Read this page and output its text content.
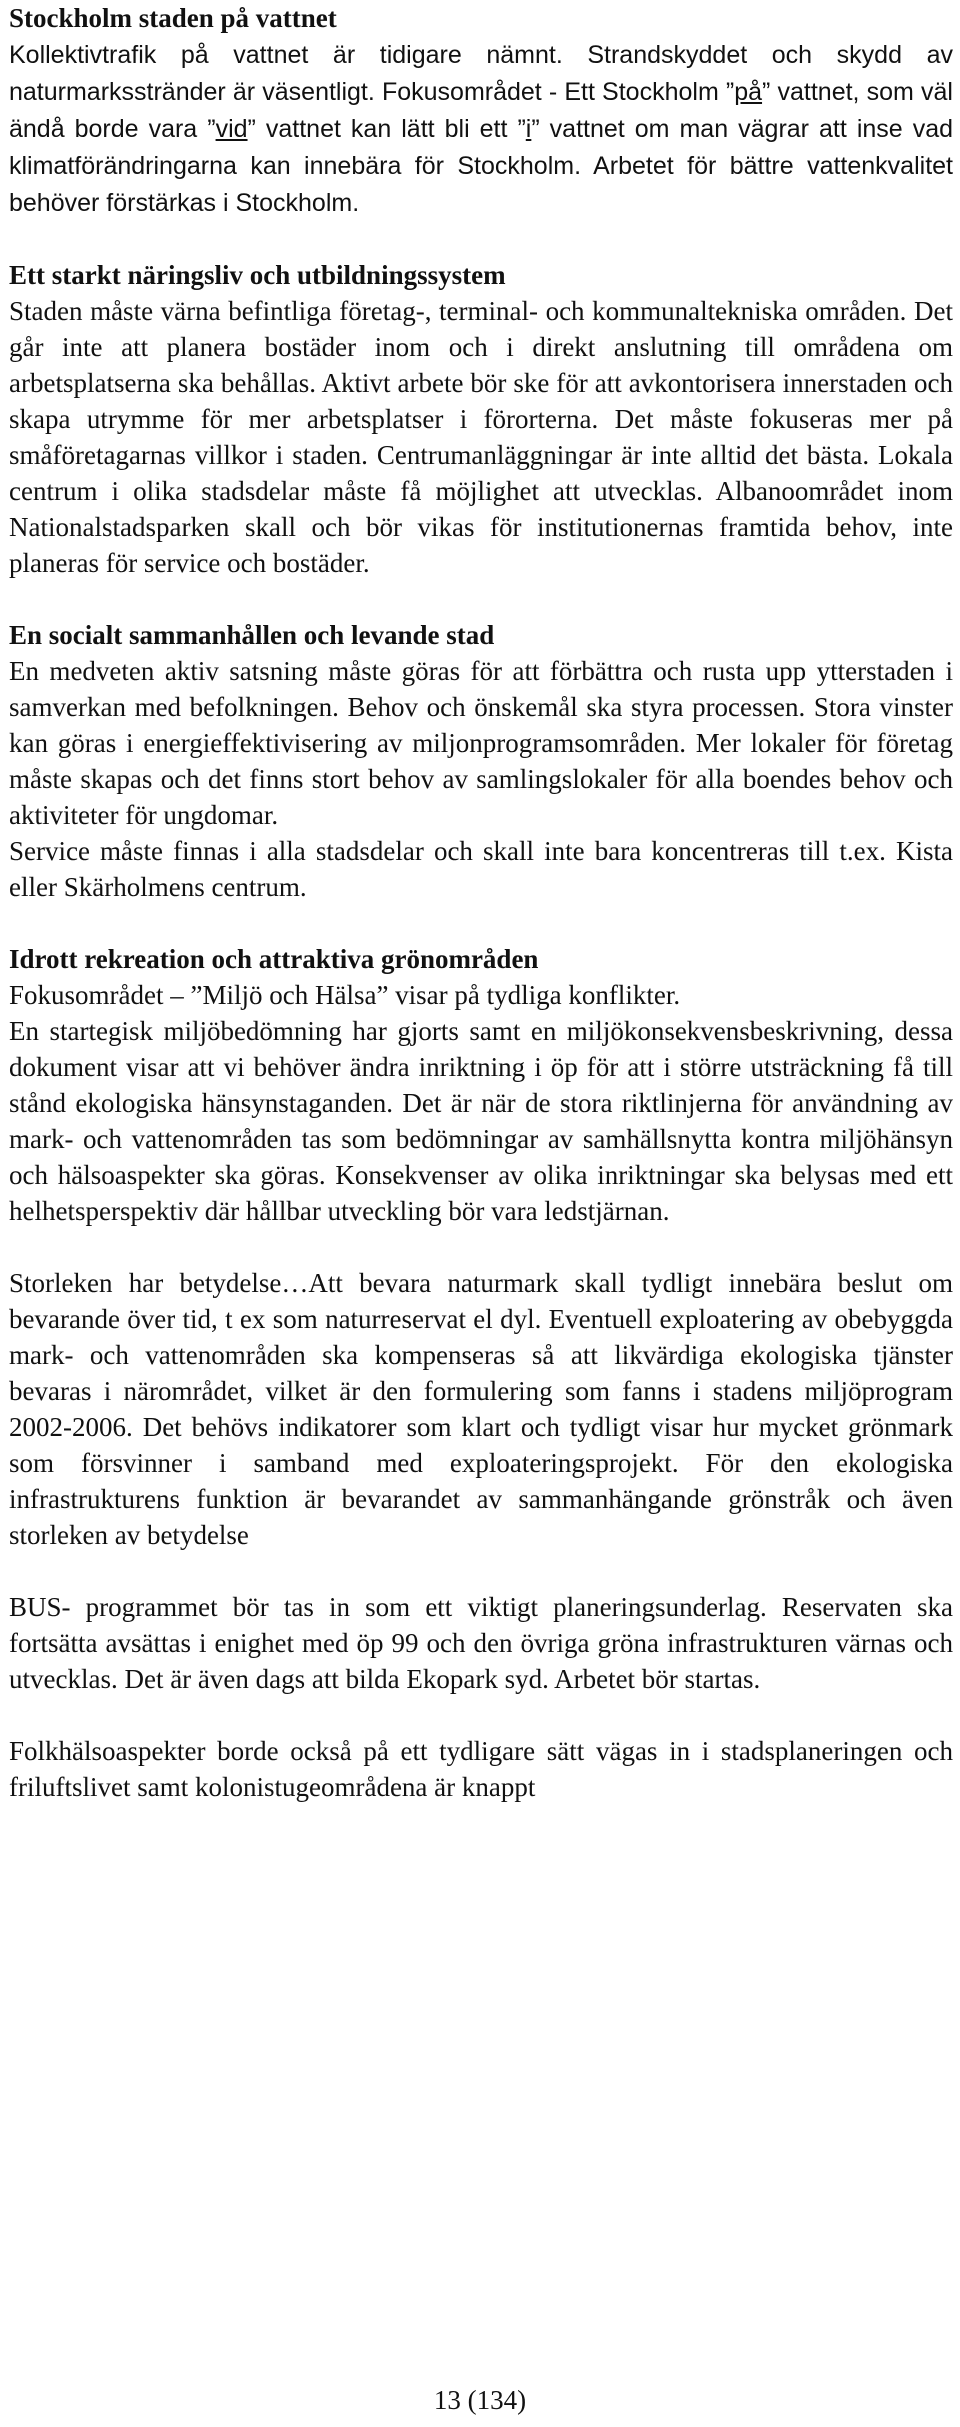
Stockholm staden på vattnet

Kollektivtrafik på vattnet är tidigare nämnt. Strandskyddet och skydd av naturmarksstränder är väsentligt. Fokusområdet - Ett Stockholm ”på” vattnet, som väl ändå borde vara ”vid” vattnet kan lätt bli ett ”i” vattnet om man vägrar att inse vad klimatförändringarna kan innebära för Stockholm. Arbetet för bättre vattenkvalitet behöver förstärkas i Stockholm.

Ett starkt näringsliv och utbildningssystem

Staden måste värna befintliga företag-, terminal- och kommunaltekniska områden. Det går inte att planera bostäder inom och i direkt anslutning till områdena om arbetsplatserna ska behållas. Aktivt arbete bör ske för att avkontorisera innerstaden och skapa utrymme för mer arbetsplatser i förorterna. Det måste fokuseras mer på småföretagarnas villkor i staden. Centrumanläggningar är inte alltid det bästa. Lokala centrum i olika stadsdelar måste få möjlighet att utvecklas. Albanoområdet inom Nationalstadsparken skall och bör vikas för institutionernas framtida behov, inte planeras för service och bostäder.

En socialt sammanhållen och levande stad

En medveten aktiv satsning måste göras för att förbättra och rusta upp ytterstaden i samverkan med befolkningen. Behov och önskemål ska styra processen. Stora vinster kan göras i energieffektivisering av miljonprogramsområden. Mer lokaler för företag måste skapas och det finns stort behov av samlingslokaler för alla boendes behov och aktiviteter för ungdomar.

Service måste finnas i alla stadsdelar och skall inte bara koncentreras till t.ex. Kista eller Skärholmens centrum.

Idrott rekreation och attraktiva grönområden

Fokusområdet – ”Miljö och Hälsa” visar på tydliga konflikter.

En startegisk miljöbedömning har gjorts samt en miljökonsekvensbeskrivning, dessa dokument visar att vi behöver ändra inriktning i öp för att i större utsträckning få till stånd ekologiska hänsynstaganden. Det är när de stora riktlinjerna för användning av mark- och vattenområden tas som bedömningar av samhällsnytta kontra miljöhänsyn och hälsoaspekter ska göras. Konsekvenser av olika inriktningar ska belysas med ett helhetsperspektiv där hållbar utveckling bör vara ledstjärnan.

Storleken har betydelse…Att bevara naturmark skall tydligt innebära beslut om bevarande över tid, t ex som naturreservat el dyl. Eventuell exploatering av obebyggda mark- och vattenområden ska kompenseras så att likvärdiga ekologiska tjänster bevaras i närområdet, vilket är den formulering som fanns i stadens miljöprogram 2002-2006. Det behövs indikatorer som klart och tydligt visar hur mycket grönmark som försvinner i samband med exploateringsprojekt. För den ekologiska infrastrukturens funktion är bevarandet av sammanhängande grönstråk och även storleken av betydelse

BUS- programmet bör tas in som ett viktigt planeringsunderlag. Reservaten ska fortsätta avsättas i enighet med öp 99 och den övriga gröna infrastrukturen värnas och utvecklas. Det är även dags att bilda Ekopark syd. Arbetet bör startas.

Folkhälsoaspekter borde också på ett tydligare sätt vägas in i stadsplaneringen och friluftslivet samt kolonistugeområdena är knappt

13 (134)
